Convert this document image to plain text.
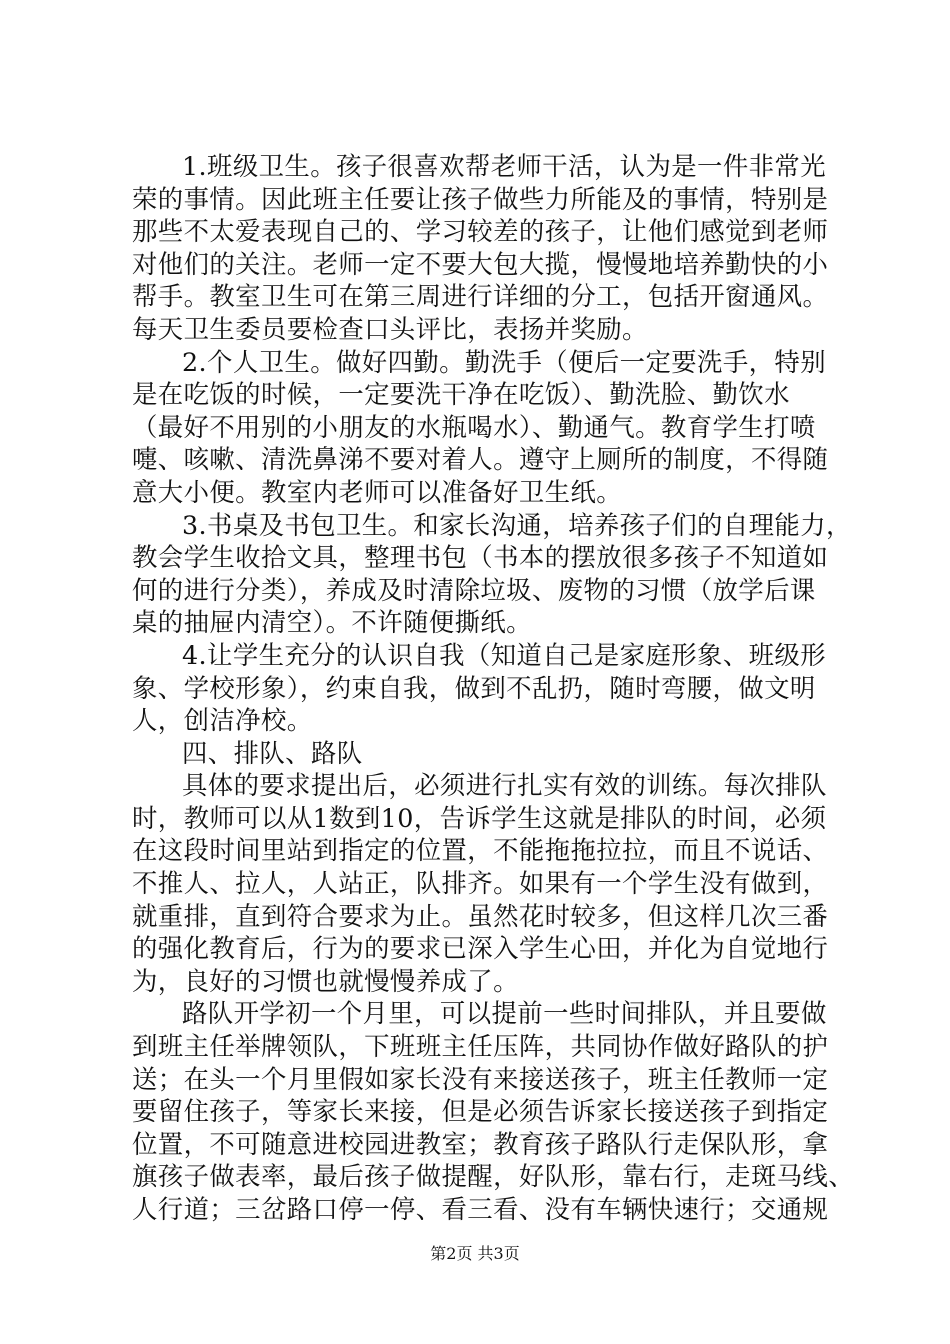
1.班级卫生。孩子很喜欢帮老师干活，认为是一件非常光
荣的事情。因此班主任要让孩子做些力所能及的事情，特别是
那些不太爱表现自己的、学习较差的孩子，让他们感觉到老师
对他们的关注。老师一定不要大包大揽，慢慢地培养勤快的小
帮手。教室卫生可在第三周进行详细的分工，包括开窗通风。
每天卫生委员要检查口头评比，表扬并奖励。
2.个人卫生。做好四勤。勤洗手（便后一定要洗手，特别
是在吃饭的时候，一定要洗干净在吃饭）、勤洗脸、勤饮水
（最好不用别的小朋友的水瓶喝水）、勤通气。教育学生打喷
嚏、咳嗽、清洗鼻涕不要对着人。遵守上厕所的制度，不得随
意大小便。教室内老师可以准备好卫生纸。
3.书桌及书包卫生。和家长沟通，培养孩子们的自理能力，
教会学生收拾文具，整理书包（书本的摆放很多孩子不知道如
何的进行分类），养成及时清除垃圾、废物的习惯（放学后课
桌的抽屉内清空）。不许随便撕纸。
4.让学生充分的认识自我（知道自己是家庭形象、班级形
象、学校形象），约束自我，做到不乱扔，随时弯腰，做文明
人，创洁净校。
四、排队、路队
具体的要求提出后，必须进行扎实有效的训练。每次排队
时，教师可以从1数到10，告诉学生这就是排队的时间，必须
在这段时间里站到指定的位置，不能拖拖拉拉，而且不说话、
不推人、拉人，人站正，队排齐。如果有一个学生没有做到，
就重排，直到符合要求为止。虽然花时较多，但这样几次三番
的强化教育后，行为的要求已深入学生心田，并化为自觉地行
为，良好的习惯也就慢慢养成了。
路队开学初一个月里，可以提前一些时间排队，并且要做
到班主任举牌领队，下班班主任压阵，共同协作做好路队的护
送；在头一个月里假如家长没有来接送孩子，班主任教师一定
要留住孩子，等家长来接，但是必须告诉家长接送孩子到指定
位置，不可随意进校园进教室；教育孩子路队行走保队形，拿
旗孩子做表率，最后孩子做提醒，好队形，靠右行，走斑马线、
人行道；三岔路口停一停、看三看、没有车辆快速行；交通规
第2页 共3页
